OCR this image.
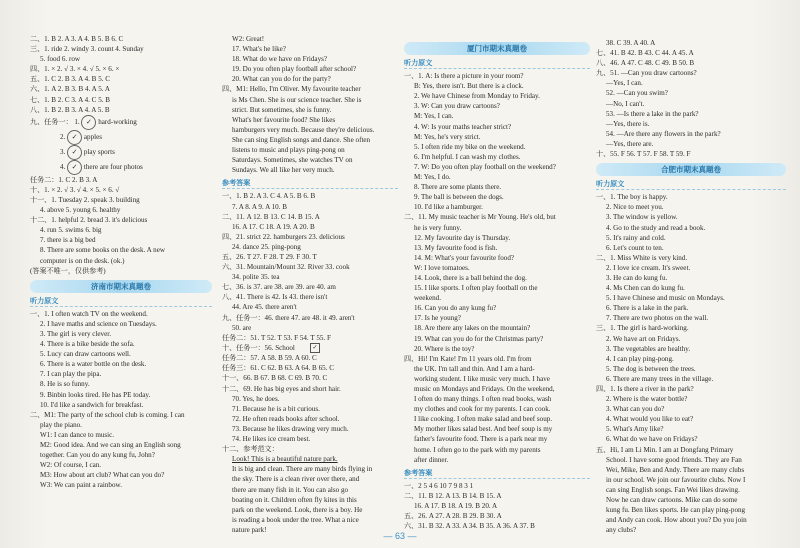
二、1. B 2. A 3. A 4. B 5. B 6. C
三、1. ride 2. windy 3. count 4. Sunday
5. food 6. row
四、1. × 2. √ 3. × 4. √ 5. × 6. ×
五、1. C 2. B 3. A 4. B 5. C
六、1. A 2. B 3. B 4. A 5. A
七、1. B 2. C 3. A 4. C 5. B
八、1. B 2. B 3. A 4. A 5. B
九、任务一： 1. ✓ hard-working
2. ✓ apples
3. ✓ play sports
4. ✓ there are four photos
任务二：1. C 2. B 3. A
十、1. × 2. √ 3. √ 4. × 5. × 6. √
十一、1. Tuesday 2. speak 3. building
4. above 5. young 6. healthy
十二、1. helpful 2. bread 3. it's delicious
4. run 5. swims 6. big
7. there is a big bed
8. There are some books on the desk. A new
computer is on the desk. (ok.)
(答案不唯一，仅供参考)
济南市期末真题卷
听力原文
一、1. I often watch TV on the weekend.
2. I have maths and science on Tuesdays.
3. The girl is very clever.
4. There is a bike beside the sofa.
5. Lucy can draw cartoons well.
6. There is a water bottle on the desk.
7. I can play the pipa.
8. He is so funny.
9. Binbin looks tired. He has PE today.
10. I'd like a sandwich for breakfast.
二、M1: The party of the school club is coming. I can
play the piano.
W1: I can dance to music.
M2: Good idea. And we can sing an English song
together. Can you do any kung fu, John?
W2: Of course, I can.
M3: How about art club? What can you do?
W3: We can paint a rainbow.
W2: Great!
17. What's he like?
18. What do we have on Fridays?
19. Do you often play football after school?
20. What can you do for the party?
四、M1: Hello, I'm Oliver. My favourite teacher
is Ms Chen. She is our science teacher. She is
strict. But sometimes, she is funny.
What's her favourite food? She likes
hamburgers very much. Because they're delicious.
She can sing English songs and dance. She often
listens to music and plays ping-pong on
Saturdays. Sometimes, she watches TV on
Sundays. We all like her very much.
参考答案
一、1. B 2. A 3. C 4. A 5. B 6. B
7. A 8. A 9. A 10. B
二、11. A 12. B 13. C 14. B 15. A
16. A 17. C 18. A 19. A 20. B
四、21. strict 22. hamburgers 23. delicious
24. dance 25. ping-pong
五、26. T 27. F 28. T 29. F 30. T
六、31. Mountain/Mount 32. River 33. cook
34. polite 35. tea
七、36. is 37. are 38. are 39. are 40. am
八、41. There is 42. Is 43. there isn't
44. Are 45. there aren't
九、任务一：46. there 47. are 48. it 49. aren't
50. are
任务二：51. T 52. T 53. F 54. T 55. F
十、任务一：56. School	✓
任务二：57. A 58. B 59. A 60. C
任务三：61. C 62. B 63. A 64. B 65. C
十一、66. B 67. B 68. C 69. B 70. C
十二、69. He has big eyes and short hair.
70. Yes, he does.
71. Because he is a bit curious.
72. He often reads books after school.
73. Because he likes drawing very much.
74. He likes ice cream best.
十二、参考范文：
Look! This is a beautiful nature park.
It is big and clean. There are many birds flying in
the sky. There is a clean river over there, and
there are many fish in it. You can also go
boating on it. Children often fly kites in this
park on the weekend. Look, there is a boy. He
is reading a book under the tree. What a nice
nature park!
厦门市期末真题卷
听力原文
一、1. A: Is there a picture in your room?
B: Yes, there isn't. But there is a clock.
2. We have Chinese from Monday to Friday.
3. W: Can you draw cartoons?
M: Yes, I can.
4. W: Is your maths teacher strict?
M: Yes, he's very strict.
5. I often ride my bike on the weekend.
6. I'm helpful. I can wash my clothes.
7. W: Do you often play football on the weekend?
M: Yes, I do.
8. There are some plants there.
9. The ball is between the dogs.
10. I'd like a hamburger.
二、11. My music teacher is Mr Young. He's old, but
he is very funny.
12. My favourite day is Thursday.
13. My favourite food is fish.
14. M: What's your favourite food?
W: I love tomatoes.
14. Look, there is a ball behind the dog.
15. I like sports. I often play football on the
weekend.
16. Can you do any kung fu?
17. Is he young?
18. Are there any lakes on the mountain?
19. What can you do for the Christmas party?
20. Where is the toy?
四、Hi! I'm Kate! I'm 11 years old. I'm from
the UK. I'm tall and thin. And I am a hard-
working student. I like music very much. I have
music on Mondays and Fridays. On the weekend,
I often do many things. I often read books, wash
my clothes and cook for my parents. I can cook.
I like cooking. I often make salad and beef soup.
My mother likes salad best. And beef soup is my
father's favourite food. There is a park near my
home. I often go to the park with my parents
after dinner.
参考答案
一、2 5 4 6 10 7 9 8 3 1
二、11. B 12. A 13. B 14. B 15. A
16. A 17. B 18. A 19. B 20. A
五、26. A 27. A 28. B 29. B 30. A
六、31. B 32. A 33. A 34. B 35. A 36. A 37. B
38. C 39. A 40. A
七、41. B 42. B 43. C 44. A 45. A
八、46. A 47. C 48. C 49. B 50. B
九、51. —Can you draw cartoons?
—Yes, I can.
52. —Can you swim?
—No, I can't.
53. —Is there a lake in the park?
—Yes, there is.
54. —Are there any flowers in the park?
—Yes, there are.
十、55. F 56. T 57. F 58. T 59. F
合肥市期末真题卷
听力原文
一、1. The boy is happy.
2. Nice to meet you.
3. The window is yellow.
4. Go to the study and read a book.
5. It's rainy and cold.
6. Let's count to ten.
二、1. Miss White is very kind.
2. I love ice cream. It's sweet.
3. He can do kung fu.
4. Ms Chen can do kung fu.
5. I have Chinese and music on Mondays.
6. There is a lake in the park.
7. There are two photos on the wall.
三、1. The girl is hard-working.
2. We have art on Fridays.
3. The vegetables are healthy.
4. I can play ping-pong.
5. The dog is between the trees.
6. There are many trees in the village.
四、1. Is there a river in the park?
2. Where is the water bottle?
3. What can you do?
4. What would you like to eat?
5. What's Amy like?
6. What do we have on Fridays?
五、Hi, I am Li Min. I am at Dongfang Primary
School. I have some good friends. They are Fan
Wei, Mike, Ben and Andy. There are many clubs
in our school. We join our favourite clubs. Now I
can sing English songs. Fan Wei likes drawing.
Now he can draw cartoons. Mike can do some
kung fu. Ben likes sports. He can play ping-pong
and Andy can cook. How about you? Do you join
any clubs?
— 63 —
